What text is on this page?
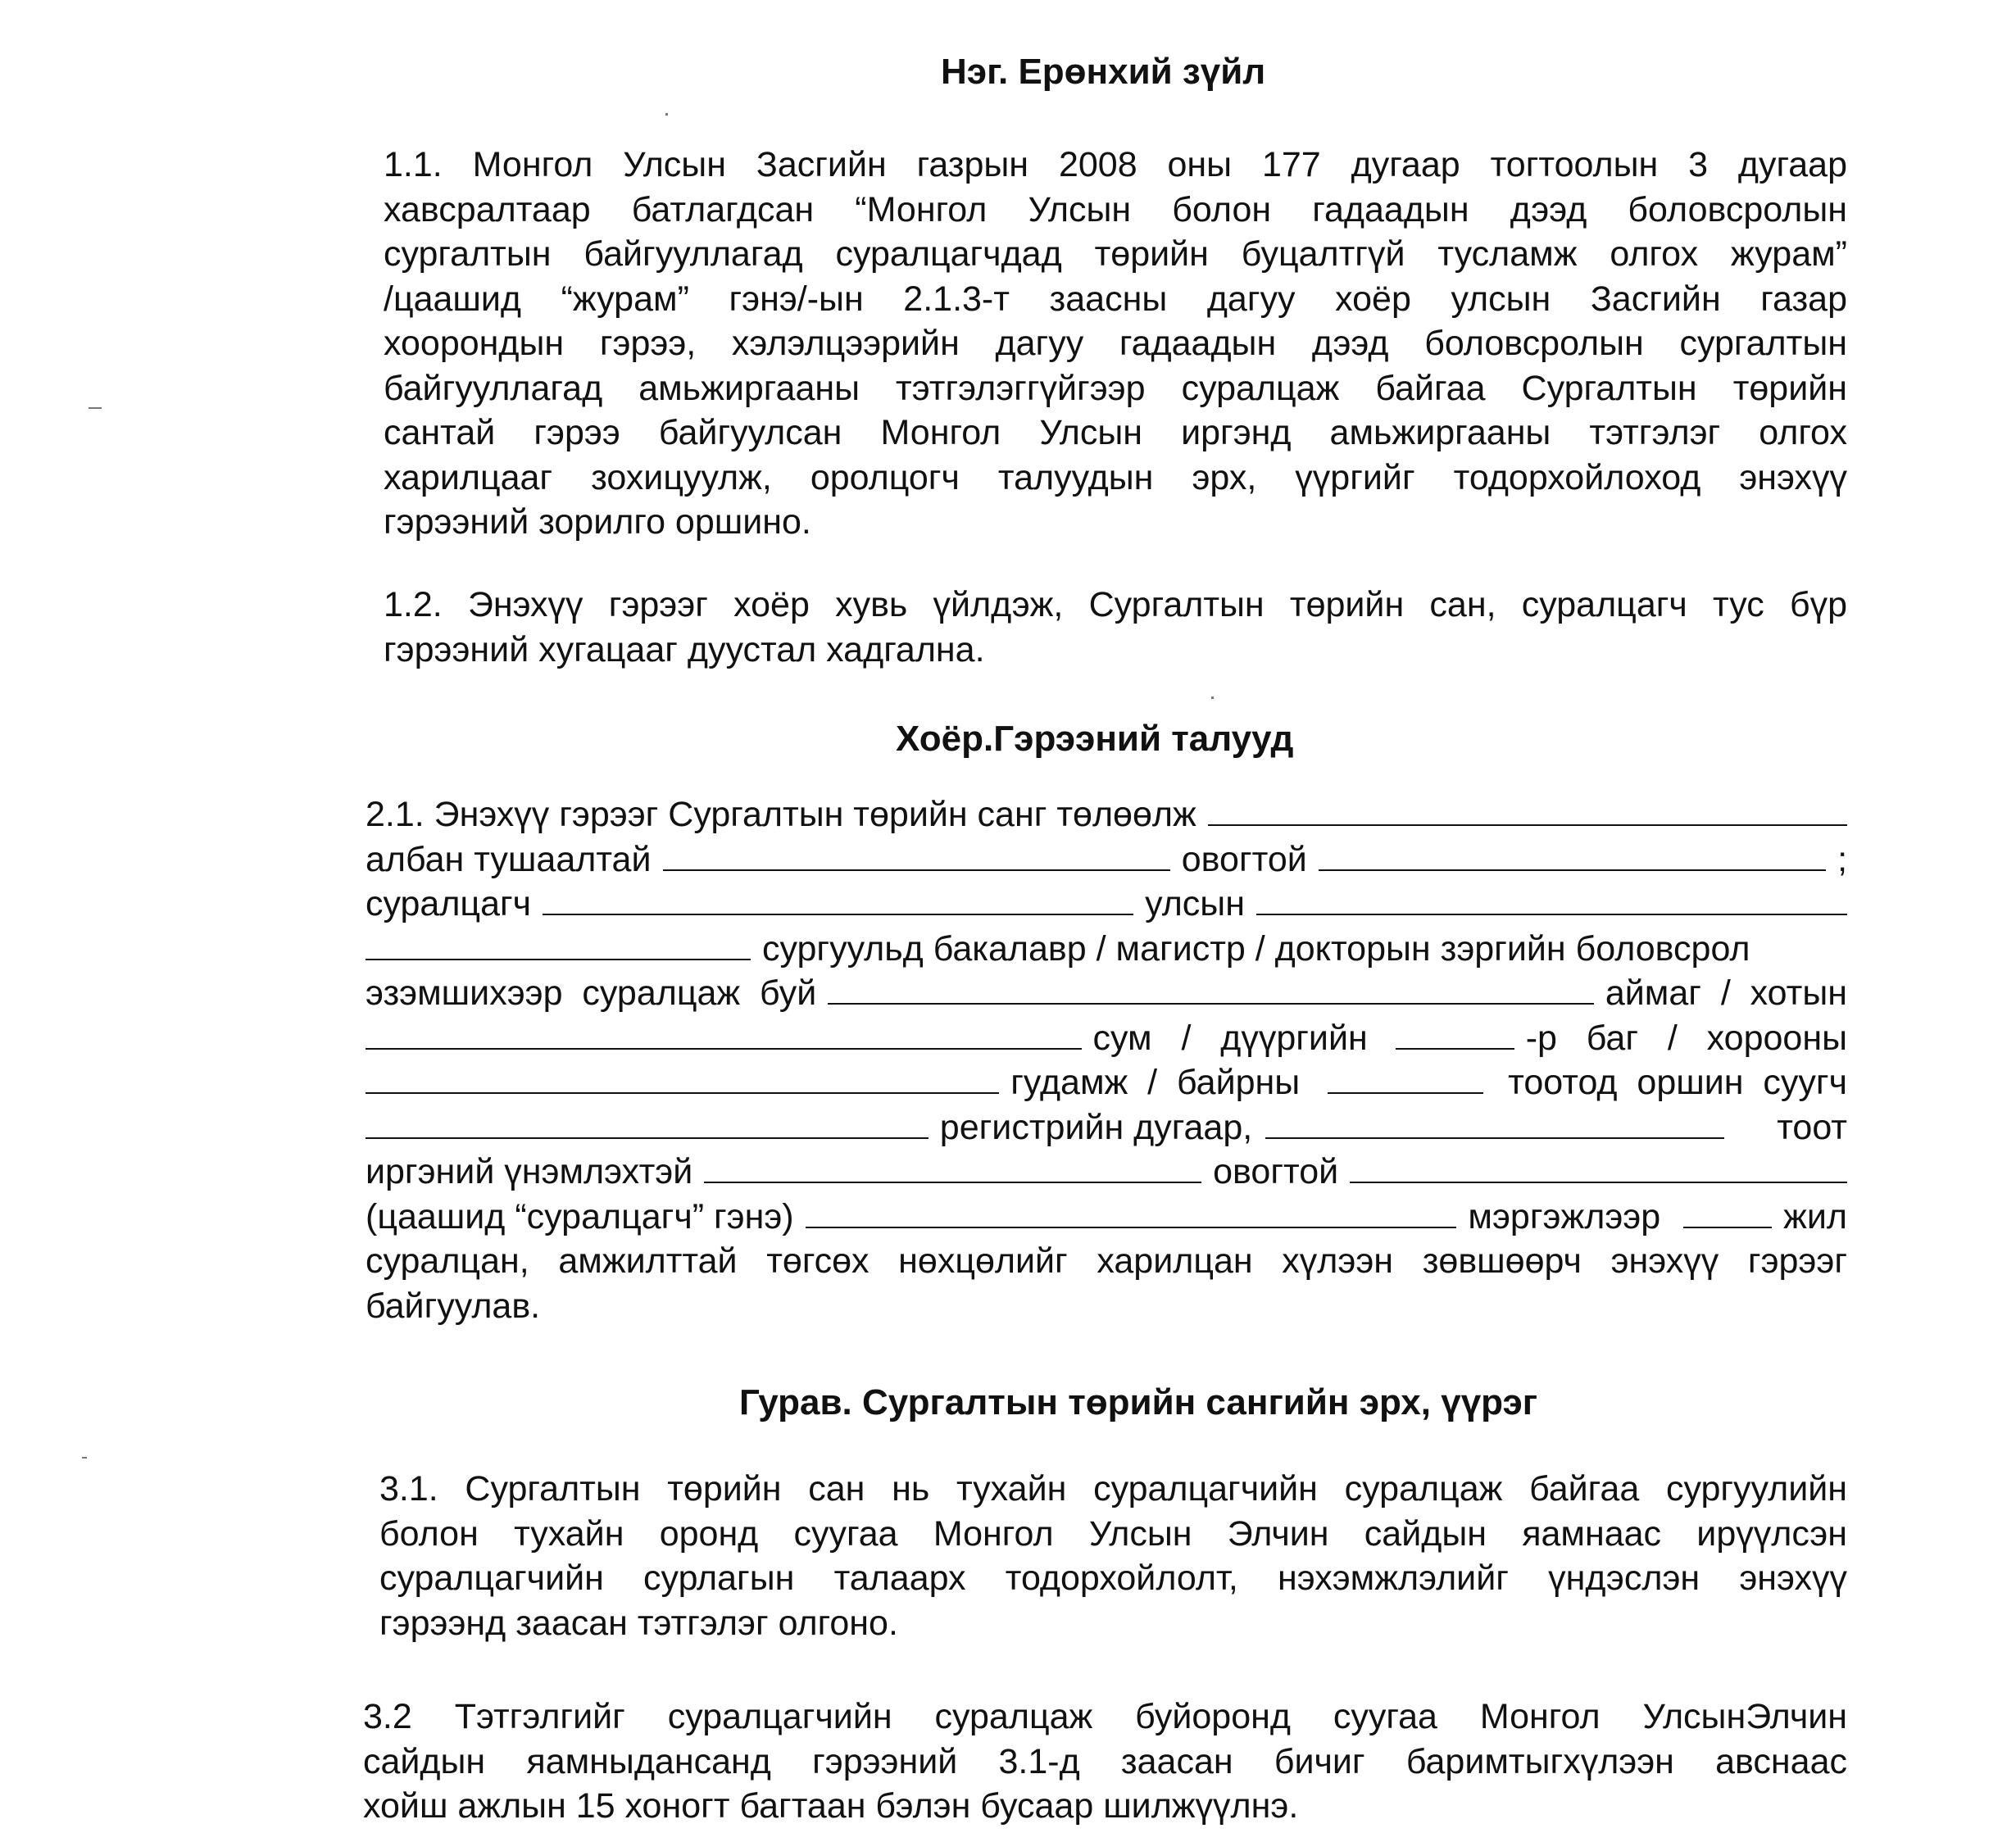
Нэг. Ерөнхий зүйл
1.1. Монгол Улсын Засгийн газрын 2008 оны 177 дугаар тогтоолын 3 дугаар
хавсралтаар батлагдсан “Монгол Улсын болон гадаадын дээд боловсролын
сургалтын байгууллагад суралцагчдад төрийн буцалтгүй тусламж олгох журам”
/цаашид “журам” гэнэ/-ын 2.1.3-т заасны дагуу хоёр улсын Засгийн газар
хоорондын гэрээ, хэлэлцээрийн дагуу гадаадын дээд боловсролын сургалтын
байгууллагад амьжиргааны тэтгэлэггүйгээр суралцаж байгаа Сургалтын төрийн
сантай гэрээ байгуулсан Монгол Улсын иргэнд амьжиргааны тэтгэлэг олгох
харилцааг зохицуулж, оролцогч талуудын эрх, үүргийг тодорхойлоход энэхүү
гэрээний зорилго оршино.
1.2. Энэхүү гэрээг хоёр хувь үйлдэж, Сургалтын төрийн сан, суралцагч тус бүр
гэрээний хугацааг дуустал хадгална.
Хоёр.Гэрээний талууд
2.1. Энэхүү гэрээг Сургалтын төрийн санг төлөөлж
албан тушаалтай	овогтой	;
суралцагч	улсын
сургуульд бакалавр / магистр / докторын зэргийн боловсрол
эзэмшихээр  суралцаж  буй	аймаг  /  хотын
сум   /   дүүргийн	-р   баг   /   хорооны
гудамж  /  байрны	тоотод  оршин  суугч
регистрийн дугаар,	тоот
иргэний үнэмлэхтэй	овогтой
(цаашид “суралцагч” гэнэ)	мэргэжлээр	жил
суралцан, амжилттай төгсөх нөхцөлийг харилцан хүлээн зөвшөөрч энэхүү гэрээг
байгуулав.
Гурав. Сургалтын төрийн сангийн эрх, үүрэг
3.1. Сургалтын төрийн сан нь тухайн суралцагчийн суралцаж байгаа сургуулийн
болон тухайн оронд суугаа Монгол Улсын Элчин сайдын яамнаас ирүүлсэн
суралцагчийн сурлагын талаарх тодорхойлолт, нэхэмжлэлийг үндэслэн энэхүү
гэрээнд заасан тэтгэлэг олгоно.
3.2 Тэтгэлгийг суралцагчийн суралцаж буйоронд суугаа Монгол УлсынЭлчин
сайдын яамныдансанд гэрээний 3.1-д заасан бичиг баримтыгхүлээн авснаас
хойш ажлын 15 хоногт багтаан бэлэн бусаар шилжүүлнэ.
